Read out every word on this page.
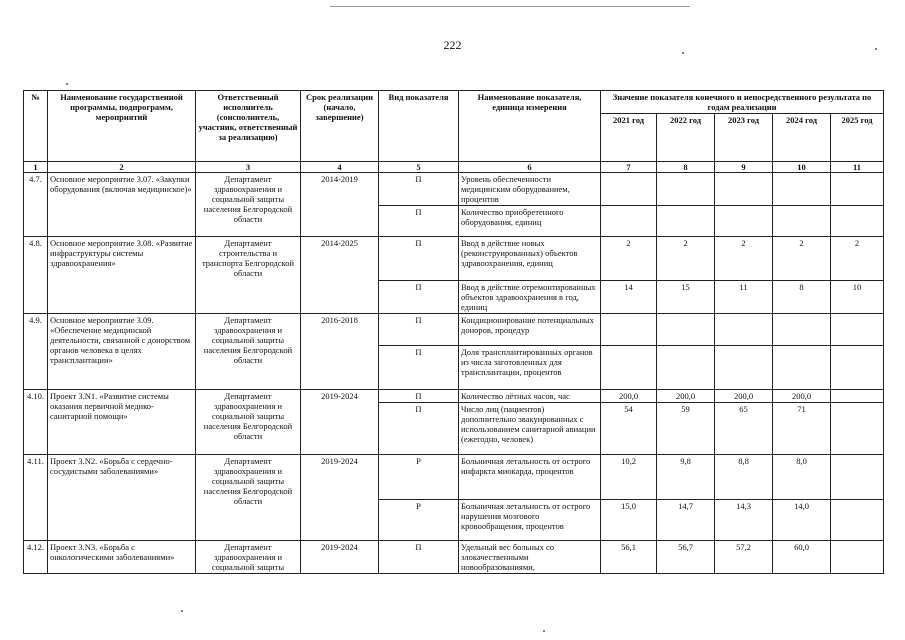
222
№	Наименование государственной программы, подпрограмм, мероприятий	Ответственный исполнитель (соисполнитель, участник, ответственный за реализацию)	Срок реализации (начало, завершение)	Вид показателя	Наименование показателя, единица измерения	Значение показателя конечного и непосредственного результата по годам реализации				
						2021 год	2022 год	2023 год	2024 год	2025 год
1	2	3	4	5	6	7	8	9	10	11
4.7.	Основное мероприятие 3.07. «Закупки оборудования (включая медицинское)»	Департамент здравоохранения и социальной защиты населения Белгородской области	2014-2019	П	Уровень обеспеченности медицинским оборудованием, процентов					
				П	Количество приобретенного оборудования, единиц					
4.8.	Основное мероприятие 3.08. «Развитие инфраструктуры системы здравоохранения»	Департамент строительства и транспорта Белгородской области	2014-2025	П	Ввод в действие новых (реконструированных) объектов здравоохранения, единиц	2	2	2	2	2
				П	Ввод в действие отремонтированных объектов здравоохранения в год, единиц	14	15	11	8	10
4.9.	Основное мероприятие 3.09. «Обеспечение медицинской деятельности, связанной с донорством органов человека в целях трансплантации»	Департамент здравоохранения и социальной защиты населения Белгородской области	2016-2018	П	Кондиционирование потенциальных доноров, процедур					
				П	Доля трансплантированных органов из числа заготовленных для трансплантации, процентов					
4.10.	Проект 3.N1. «Развитие системы оказания первичной медико-санитарной помощи»	Департамент здравоохранения и социальной защиты населения Белгородской области	2019-2024	П	Количество лётных часов, час	200,0	200,0	200,0	200,0	
				П	Число лиц (пациентов) дополнительно эвакуированных с использованием санитарной авиации (ежегодно, человек)	54	59	65	71	
4.11.	Проект 3.N2. «Борьба с сердечно-сосудистыми заболеваниями»	Департамент здравоохранения и социальной защиты населения Белгородской области	2019-2024	Р	Больничная летальность от острого инфаркта миокарда, процентов	10,2	9,8	8,8	8,0	
				Р	Больничная летальность от острого нарушения мозгового кровообращения, процентов	15,0	14,7	14,3	14,0	
4.12.	Проект 3.N3. «Борьба с онкологическими заболеваниями»	Департамент здравоохранения и социальной защиты	2019-2024	П	Удельный вес больных со злокачественными новообразованиями,	56,1	56,7	57,2	60,0	
